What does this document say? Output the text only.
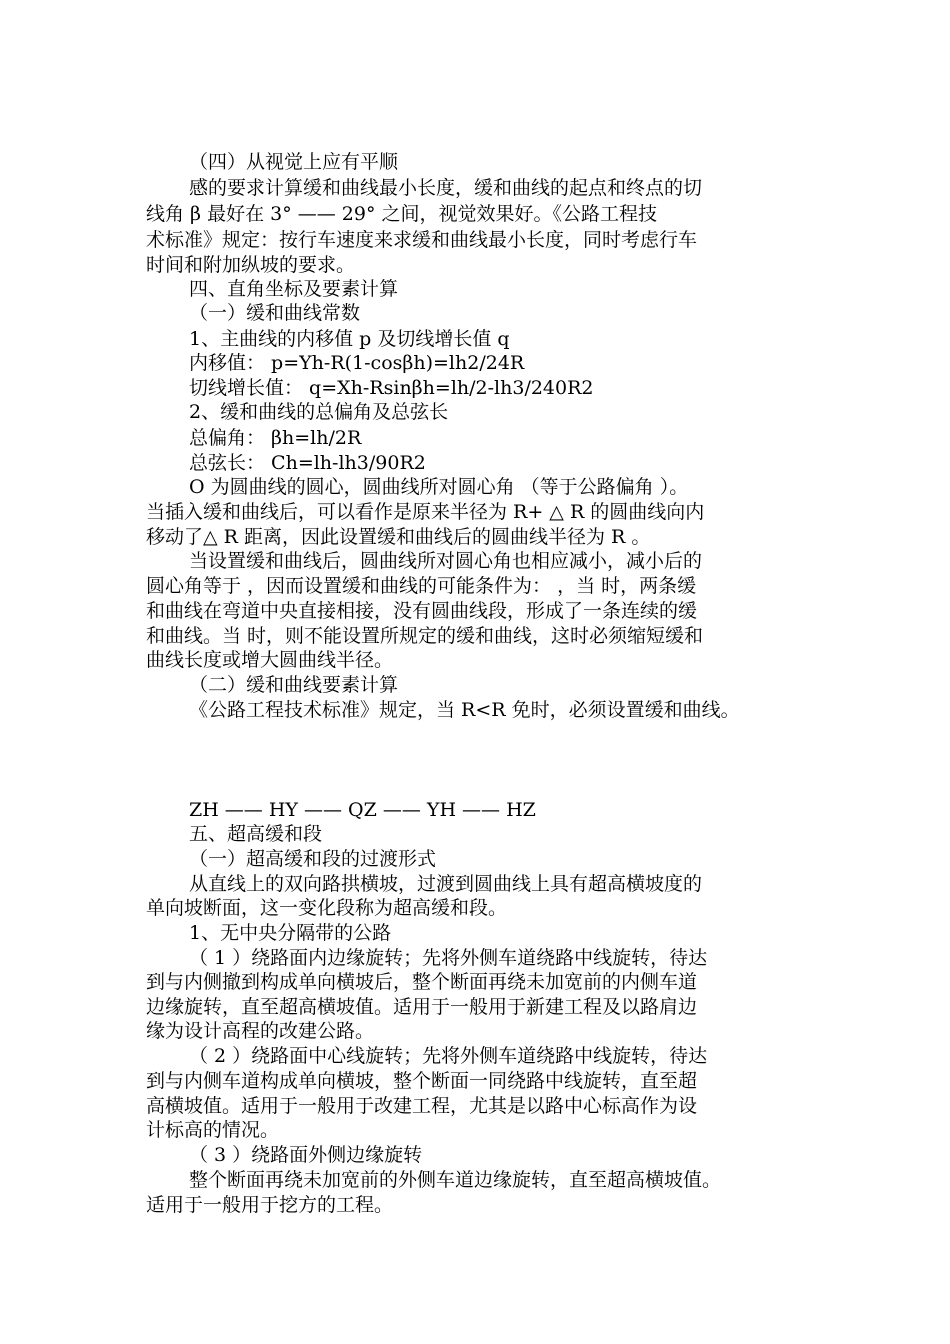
（四）从视觉上应有平顺
感的要求计算缓和曲线最小长度，缓和曲线的起点和终点的切
线角 β 最好在 3° —— 29° 之间，视觉效果好。《公路工程技
术标准》规定：按行车速度来求缓和曲线最小长度，同时考虑行车
时间和附加纵坡的要求。
四、直角坐标及要素计算
（一）缓和曲线常数
1、主曲线的内移值 p 及切线增长值 q
内移值： p=Yh-R(1-cosβh)=lh2/24R
切线增长值： q=Xh-Rsinβh=lh/2-lh3/240R2
2、缓和曲线的总偏角及总弦长
总偏角： βh=lh/2R
总弦长： Ch=lh-lh3/90R2
O 为圆曲线的圆心，圆曲线所对圆心角 （等于公路偏角 ）。
当插入缓和曲线后，可以看作是原来半径为 R+ △ R 的圆曲线向内
移动了△ R 距离，因此设置缓和曲线后的圆曲线半径为 R 。
当设置缓和曲线后，圆曲线所对圆心角也相应减小，减小后的
圆心角等于 ，因而设置缓和曲线的可能条件为： ，当 时，两条缓
和曲线在弯道中央直接相接，没有圆曲线段，形成了一条连续的缓
和曲线。当 时，则不能设置所规定的缓和曲线，这时必须缩短缓和
曲线长度或增大圆曲线半径。
（二）缓和曲线要素计算
《公路工程技术标准》规定，当 R<R 免时，必须设置缓和曲线。
ZH —— HY —— QZ —— YH —— HZ
五、超高缓和段
（一）超高缓和段的过渡形式
从直线上的双向路拱横坡，过渡到圆曲线上具有超高横坡度的
单向坡断面，这一变化段称为超高缓和段。
1、无中央分隔带的公路
（ 1 ）绕路面内边缘旋转；先将外侧车道绕路中线旋转，待达
到与内侧撤到构成单向横坡后，整个断面再绕未加宽前的内侧车道
边缘旋转，直至超高横坡值。适用于一般用于新建工程及以路肩边
缘为设计高程的改建公路。
（ 2 ）绕路面中心线旋转；先将外侧车道绕路中线旋转，待达
到与内侧车道构成单向横坡，整个断面一同绕路中线旋转，直至超
高横坡值。适用于一般用于改建工程，尤其是以路中心标高作为设
计标高的情况。
（ 3 ）绕路面外侧边缘旋转
整个断面再绕未加宽前的外侧车道边缘旋转，直至超高横坡值。
适用于一般用于挖方的工程。
